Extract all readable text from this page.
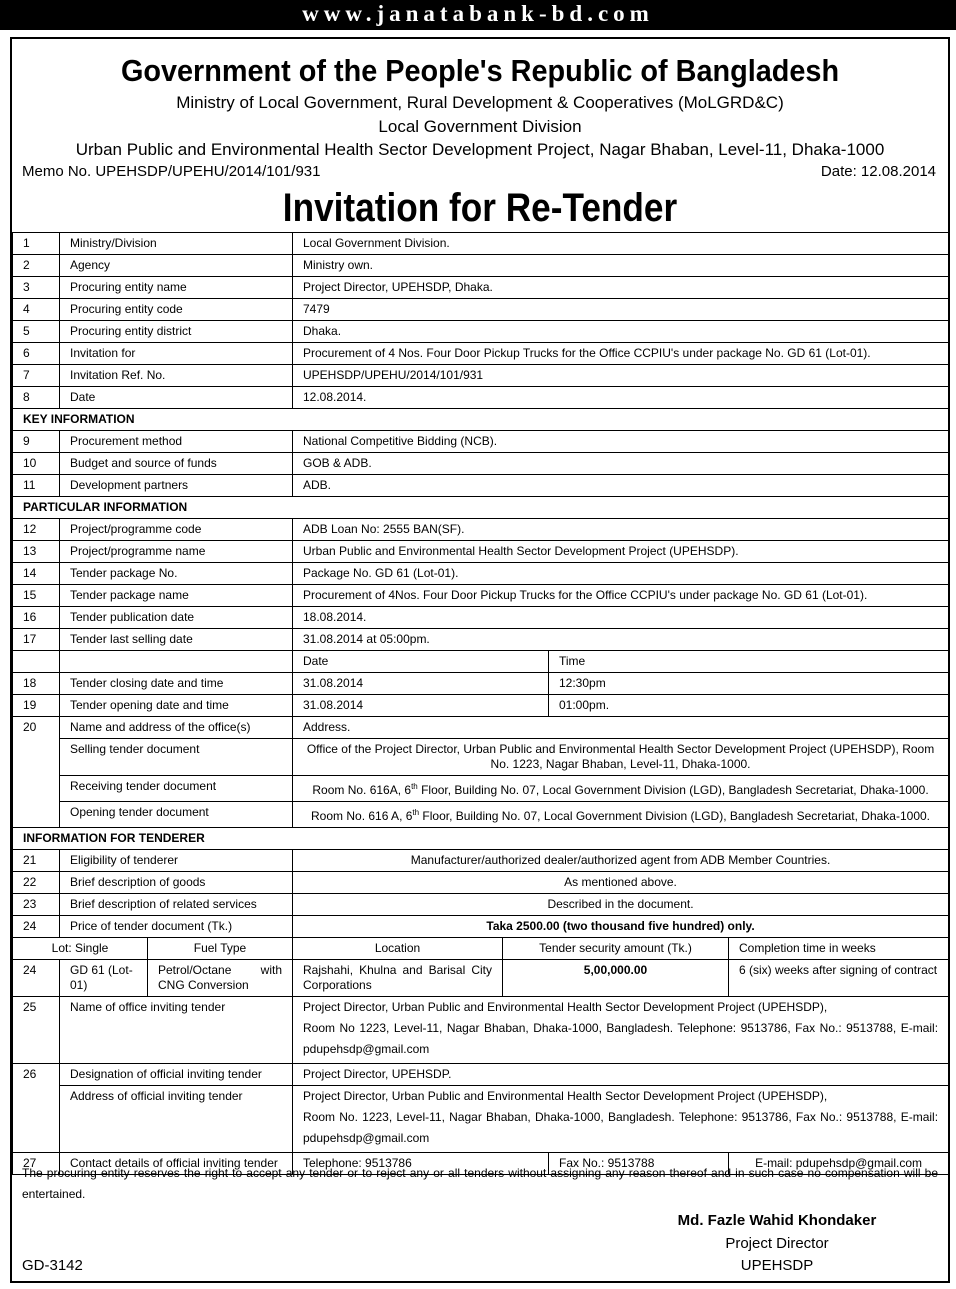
www.janatabank-bd.com
Government of the People's Republic of Bangladesh
Ministry of Local Government, Rural Development & Cooperatives (MoLGRD&C)
Local Government Division
Urban Public and Environmental Health Sector Development Project, Nagar Bhaban, Level-11, Dhaka-1000
Memo No. UPEHSDP/UPEHU/2014/101/931	Date: 12.08.2014
Invitation for Re-Tender
1	Ministry/Division		Local Government Division.			
2	Agency		Ministry own.			
3	Procuring entity name		Project Director, UPEHSDP, Dhaka.			
4	Procuring entity code		7479			
5	Procuring entity district		Dhaka.			
6	Invitation for		Procurement of 4 Nos. Four Door Pickup Trucks for the Office CCPIU's under package No. GD 61 (Lot-01).			
7	Invitation Ref. No.		UPEHSDP/UPEHU/2014/101/931			
8	Date		12.08.2014.			
KEY INFORMATION						
9	Procurement method		National Competitive Bidding (NCB).			
10	Budget and source of funds		GOB & ADB.			
11	Development partners		ADB.			
PARTICULAR INFORMATION						
12	Project/programme code		ADB Loan No: 2555 BAN(SF).			
13	Project/programme name		Urban Public and Environmental Health Sector Development Project (UPEHSDP).			
14	Tender package No.		Package No. GD 61 (Lot-01).			
15	Tender package name		Procurement of 4Nos. Four Door Pickup Trucks for the Office CCPIU's under package No. GD 61 (Lot-01).			
16	Tender publication date		18.08.2014.			
17	Tender last selling date		31.08.2014 at 05:00pm.			
			Date		Time	
18	Tender closing date and time		31.08.2014		12:30pm	
19	Tender opening date and time		31.08.2014		01:00pm.	
20	Name and address of the office(s)		Address.			
	Selling tender document		Office of the Project Director, Urban Public and Environmental Health Sector Development Project (UPEHSDP), Room No. 1223, Nagar Bhaban, Level-11, Dhaka-1000.			
	Receiving tender document		Room No. 616A, 6th Floor, Building No. 07, Local Government Division (LGD), Bangladesh Secretariat, Dhaka-1000.			
	Opening tender document		Room No. 616 A, 6th Floor, Building No. 07, Local Government Division (LGD), Bangladesh Secretariat, Dhaka-1000.			
INFORMATION FOR TENDERER						
21	Eligibility of tenderer		Manufacturer/authorized dealer/authorized agent from ADB Member Countries.			
22	Brief description of goods		As mentioned above.			
23	Brief description of related services		Described in the document.			
24	Price of tender document (Tk.)		Taka 2500.00 (two thousand five hundred) only.			
Lot: Single		Fuel Type	Location	Tender security amount (Tk.)		Completion time in weeks
24	GD 61 (Lot-01)	Petrol/Octane with CNG Conversion	Rajshahi, Khulna and Barisal City Corporations	5,00,000.00		6 (six) weeks after signing of contract
25	Name of office inviting tender		Project Director, Urban Public and Environmental Health Sector Development Project (UPEHSDP),
Room No 1223, Level-11, Nagar Bhaban, Dhaka-1000, Bangladesh. Telephone: 9513786, Fax No.: 9513788, E-mail: pdupehsdp@gmail.com			

26	Designation of official inviting tender		Project Director, UPEHSDP.			
	Address of official inviting tender		Project Director, Urban Public and Environmental Health Sector Development Project (UPEHSDP),
Room No. 1223, Level-11, Nagar Bhaban, Dhaka-1000, Bangladesh. Telephone: 9513786, Fax No.: 9513788, E-mail: pdupehsdp@gmail.com			

27	Contact details of official inviting tender		Telephone: 9513786		Fax No.: 9513788	E-mail: pdupehsdp@gmail.com
The procuring entity reserves the right to accept any tender or to reject any or all tenders without assigning any reason thereof and in such case no compensation will be entertained.
Md. Fazle Wahid Khondaker
Project Director
UPEHSDP
GD-3142
